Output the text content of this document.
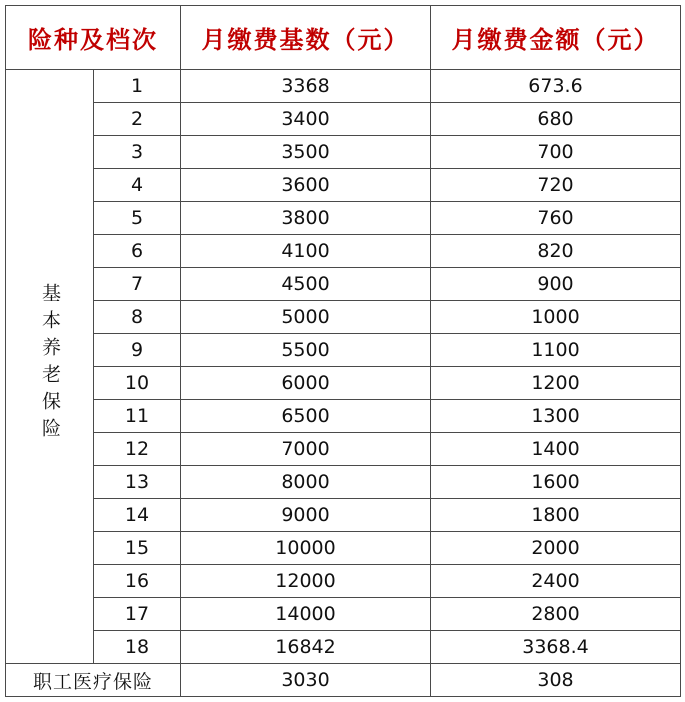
险种及档次		月缴费基数（元）	月缴费金额（元）
基本养老保险	1	3368	673.6
	2	3400	680
	3	3500	700
	4	3600	720
	5	3800	760
	6	4100	820
	7	4500	900
	8	5000	1000
	9	5500	1100
	10	6000	1200
	11	6500	1300
	12	7000	1400
	13	8000	1600
	14	9000	1800
	15	10000	2000
	16	12000	2400
	17	14000	2800
	18	16842	3368.4
职工医疗保险		3030	308
